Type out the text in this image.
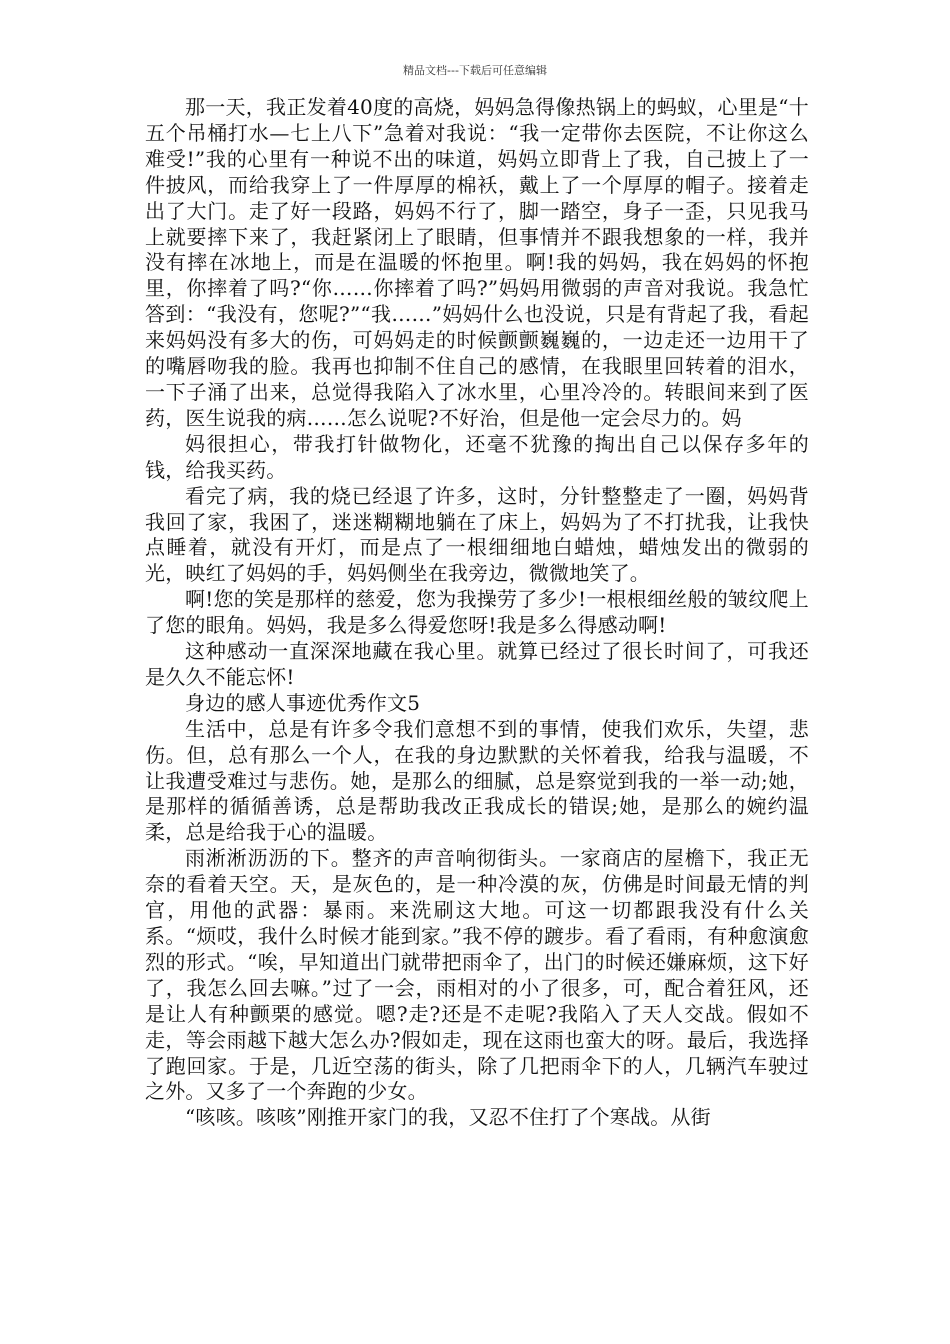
精品文档---下载后可任意编辑

那一天，我正发着40度的高烧，妈妈急得像热锅上的蚂蚁，心里是“十五个吊桶打水—七上八下”急着对我说：“我一定带你去医院，不让你这么难受!”我的心里有一种说不出的味道，妈妈立即背上了我，自己披上了一件披风，而给我穿上了一件厚厚的棉袄，戴上了一个厚厚的帽子。接着走出了大门。走了好一段路，妈妈不行了，脚一踏空，身子一歪，只见我马上就要摔下来了，我赶紧闭上了眼睛，但事情并不跟我想象的一样，我并没有摔在冰地上，而是在温暖的怀抱里。啊!我的妈妈，我在妈妈的怀抱里，你摔着了吗?“你……你摔着了吗?”妈妈用微弱的声音对我说。我急忙答到：“我没有，您呢?”“我……”妈妈什么也没说，只是有背起了我，看起来妈妈没有多大的伤，可妈妈走的时候颤颤巍巍的，一边走还一边用干了的嘴唇吻我的脸。我再也抑制不住自己的感情，在我眼里回转着的泪水，一下子涌了出来，总觉得我陷入了冰水里，心里冷冷的。转眼间来到了医药，医生说我的病……怎么说呢?不好治，但是他一定会尽力的。妈

妈很担心，带我打针做物化，还毫不犹豫的掏出自己以保存多年的钱，给我买药。

看完了病，我的烧已经退了许多，这时，分针整整走了一圈，妈妈背我回了家，我困了，迷迷糊糊地躺在了床上，妈妈为了不打扰我，让我快点睡着，就没有开灯，而是点了一根细细地白蜡烛，蜡烛发出的微弱的光，映红了妈妈的手，妈妈侧坐在我旁边，微微地笑了。

啊!您的笑是那样的慈爱，您为我操劳了多少!一根根细丝般的皱纹爬上了您的眼角。妈妈，我是多么得爱您呀!我是多么得感动啊!

这种感动一直深深地藏在我心里。就算已经过了很长时间了，可我还是久久不能忘怀!

身边的感人事迹优秀作文5

生活中，总是有许多令我们意想不到的事情，使我们欢乐，失望，悲伤。但，总有那么一个人，在我的身边默默的关怀着我，给我与温暖，不让我遭受难过与悲伤。她，是那么的细腻，总是察觉到我的一举一动;她，是那样的循循善诱，总是帮助我改正我成长的错误;她，是那么的婉约温柔，总是给我于心的温暖。

雨淅淅沥沥的下。整齐的声音响彻街头。一家商店的屋檐下，我正无奈的看着天空。天，是灰色的，是一种冷漠的灰，仿佛是时间最无情的判官，用他的武器：暴雨。来洗刷这大地。可这一切都跟我没有什么关系。“烦哎，我什么时候才能到家。”我不停的踱步。看了看雨，有种愈演愈烈的形式。“唉，早知道出门就带把雨伞了，出门的时候还嫌麻烦，这下好了，我怎么回去嘛。”过了一会，雨相对的小了很多，可，配合着狂风，还是让人有种颤栗的感觉。嗯?走?还是不走呢?我陷入了天人交战。假如不走，等会雨越下越大怎么办?假如走，现在这雨也蛮大的呀。最后，我选择了跑回家。于是，几近空荡的街头，除了几把雨伞下的人，几辆汽车驶过之外。又多了一个奔跑的少女。

“咳咳。咳咳”刚推开家门的我，又忍不住打了个寒战。从街
